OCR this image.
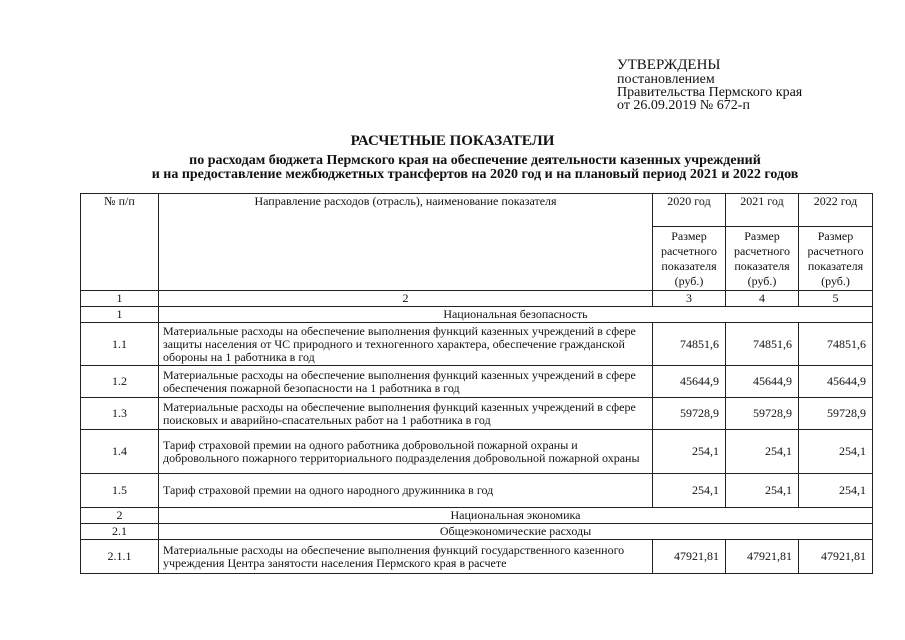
УТВЕРЖДЕНЫ
постановлением
Правительства Пермского края
от 26.09.2019 № 672-п
РАСЧЕТНЫЕ ПОКАЗАТЕЛИ
по расходам бюджета Пермского края на обеспечение деятельности казенных учреждений
и на предоставление межбюджетных трансфертов на 2020 год и на плановый период 2021 и 2022 годов
№ п/п	Направление расходов (отрасль), наименование показателя	2020 год	2021 год	2022 год
		Размер расчетного показателя (руб.)	Размер расчетного показателя (руб.)	Размер расчетного показателя (руб.)
1	2	3	4	5
1	Национальная безопасность			
1.1	Материальные расходы на обеспечение выполнения функций казенных учреждений в сфере защиты населения от ЧС природного и техногенного характера, обеспечение гражданской обороны на 1 работника в год	74851,6	74851,6	74851,6
1.2	Материальные расходы на обеспечение выполнения функций казенных учреждений в сфере обеспечения пожарной безопасности на 1 работника в год	45644,9	45644,9	45644,9
1.3	Материальные расходы на обеспечение выполнения функций казенных учреждений в сфере поисковых и аварийно-спасательных работ на 1 работника в год	59728,9	59728,9	59728,9
1.4	Тариф страховой премии на одного работника добровольной пожарной охраны и добровольного пожарного территориального подразделения добровольной пожарной охраны	254,1	254,1	254,1
1.5	Тариф страховой премии на одного народного дружинника в год	254,1	254,1	254,1
2	Национальная экономика			
2.1	Общеэкономические расходы			
2.1.1	Материальные расходы на обеспечение выполнения функций государственного казенного учреждения Центра занятости населения Пермского края в расчете	47921,81	47921,81	47921,81
